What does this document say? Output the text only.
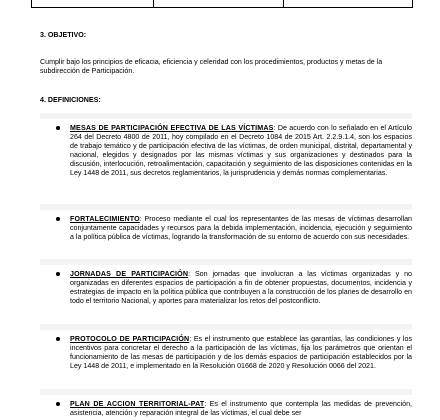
3. OBJETIVO:
Cumplir bajo los principios de eficacia, eficiencia y celeridad con los procedimientos, productos y metas de la subdirección de Participación.
4. DEFINICIONES:
MESAS DE PARTICIPACIÓN EFECTIVA DE LAS VÍCTIMAS: De acuerdo con lo señalado en el Artículo 264 del Decreto 4800 de 2011, hoy compilado en el Decreto 1084 de 2015 Art. 2.2.9.1.4, son los espacios de trabajo temático y de participación efectiva de las víctimas, de orden municipal, distrital, departamental y nacional, elegidos y designados por las mismas víctimas y sus organizaciones y destinados para la discusión, interlocución, retroalimentación, capacitación y seguimiento de las disposiciones contenidas en la Ley 1448 de 2011, sus decretos reglamentarios, la jurisprudencia y demás normas complementarias.
FORTALECIMIENTO: Proceso mediante el cual los representantes de las mesas de víctimas desarrollan conjuntamente capacidades y recursos para la debida implementación, incidencia, ejecución y seguimiento a la política pública de víctimas, logrando la transformación de su entorno de acuerdo con sus necesidades.
JORNADAS DE PARTICIPACIÓN: Son jornadas que involucran a las víctimas organizadas y no organizadas en diferentes espacios de participación a fin de obtener propuestas, documentos, incidencia y estrategias de impacto en la política pública que contribuyen a la construcción de los planes de desarrollo en todo el territorio Nacional, y aportes para materializar los retos del postconflicto.
PROTOCOLO DE PARTICIPACIÓN: Es el instrumento que establece las garantías, las condiciones y los incentivos para concretar el derecho a la participación de las víctimas, fija los parámetros que orientan el funcionamiento de las mesas de participación y de los demás espacios de participación establecidos por la Ley 1448 de 2011, e implementado en la Resolución 01668 de 2020 y Resolución 0066 del 2021.
PLAN DE ACCION TERRITORIAL-PAT: Es el instrumento que contempla las medidas de prevención, asistencia, atención y reparación integral de las víctimas, el cual debe ser
